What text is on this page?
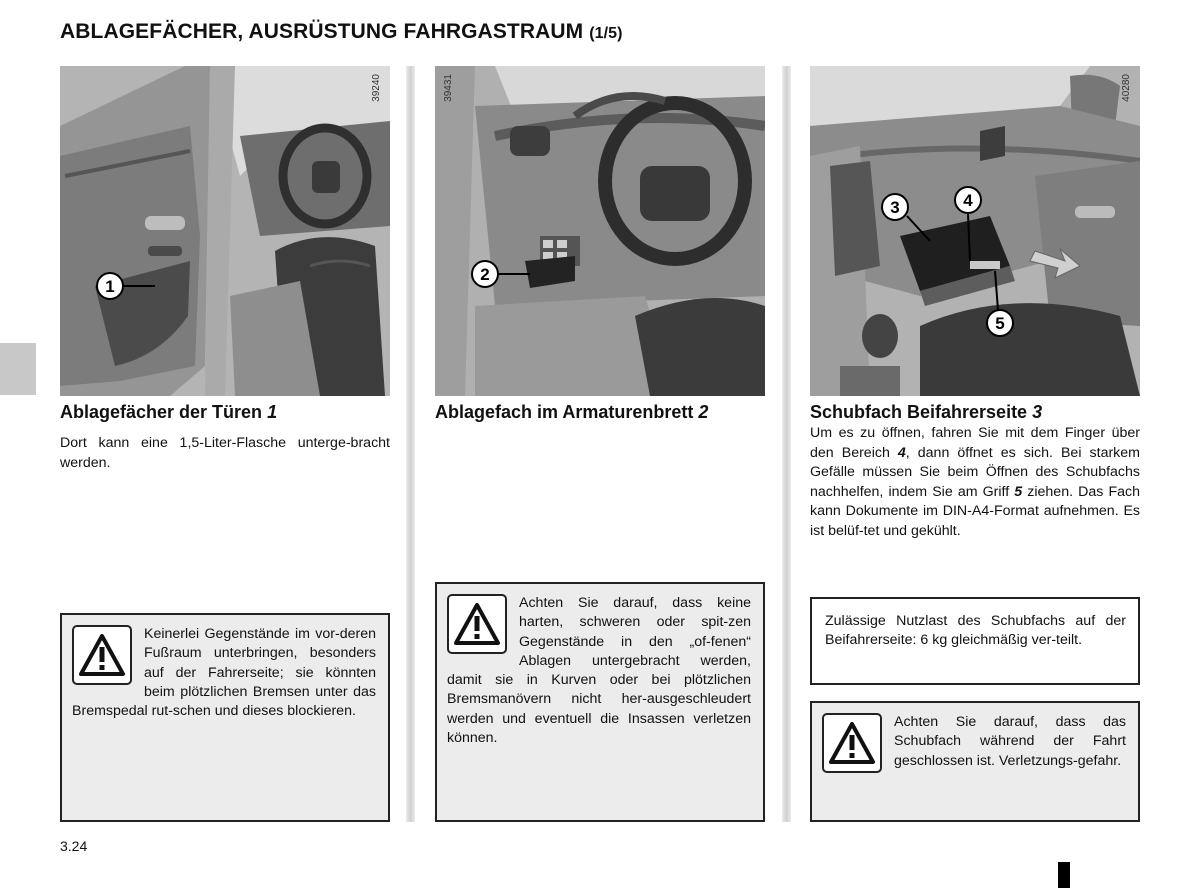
ABLAGEFÄCHER, AUSRÜSTUNG FAHRGASTRAUM (1/5)
1
39240
Ablagefächer der Türen 1
Dort kann eine 1,5-Liter-Flasche unterge-bracht werden.
Keinerlei Gegenstände im vor-deren Fußraum unterbringen, besonders auf der Fahrerseite; sie könnten beim plötzlichen Bremsen unter das Bremspedal rut-schen und dieses blockieren.
2
39431
Ablagefach im Armaturenbrett 2
Achten Sie darauf, dass keine harten, schweren oder spit-zen Gegenstände in den „of-fenen“ Ablagen untergebracht werden, damit sie in Kurven oder bei plötzlichen Bremsmanövern nicht her-ausgeschleudert werden und eventuell die Insassen verletzen können.
3	4
5
40280
Schubfach Beifahrerseite 3
Um es zu öffnen, fahren Sie mit dem Finger über den Bereich 4, dann öffnet es sich. Bei starkem Gefälle müssen Sie beim Öffnen des Schubfachs nachhelfen, indem Sie am Griff 5 ziehen. Das Fach kann Dokumente im DIN-A4-Format aufnehmen. Es ist belüf-tet und gekühlt.
Zulässige Nutzlast des Schubfachs auf der Beifahrerseite: 6 kg gleichmäßig ver-teilt.
Achten Sie darauf, dass das Schubfach während der Fahrt geschlossen ist. Verletzungs-gefahr.
3.24
